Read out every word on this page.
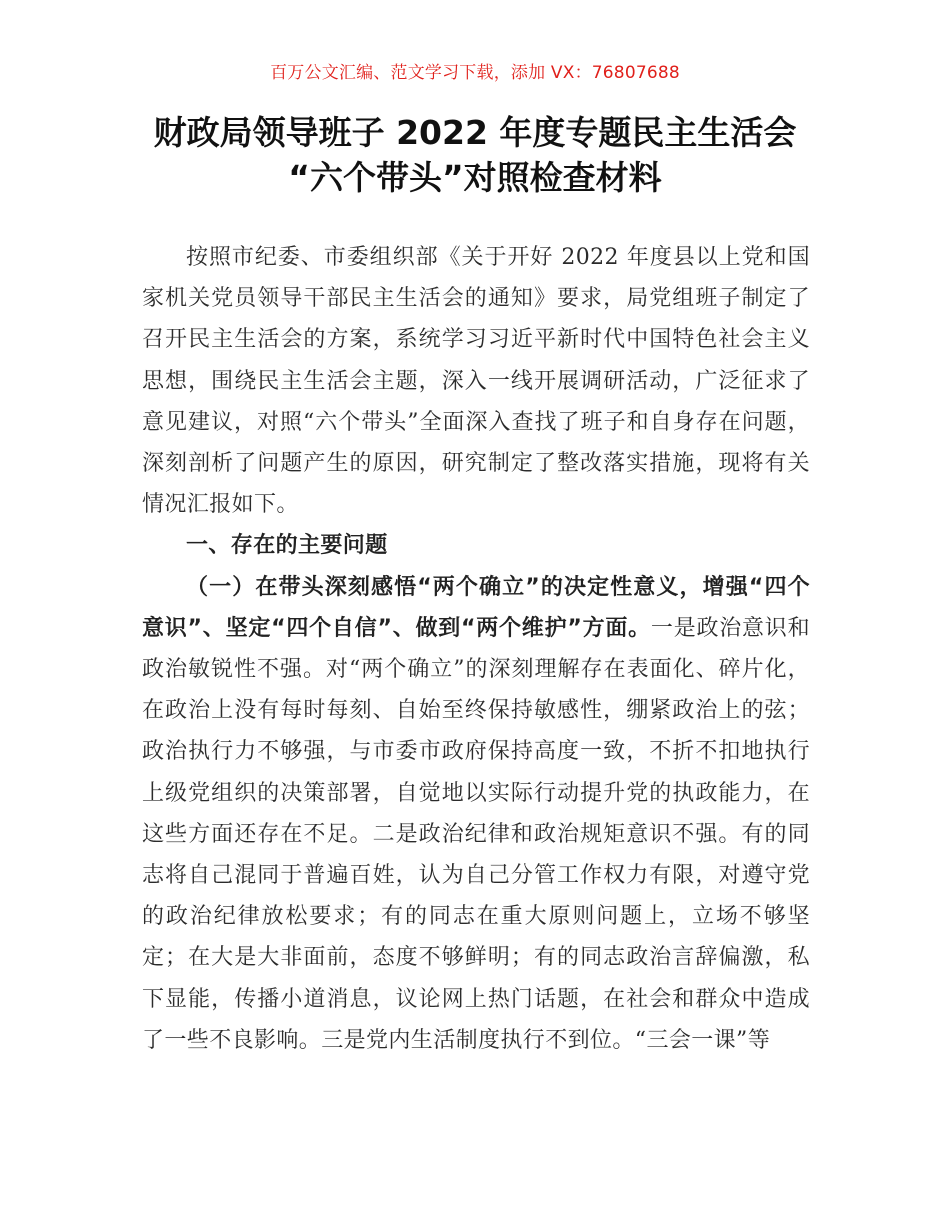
百万公文汇编、范文学习下载，添加 VX：76807688
财政局领导班子 2022 年度专题民主生活会
“六个带头”对照检查材料

按照市纪委、市委组织部《关于开好 2022 年度县以上党和国家机关党员领导干部民主生活会的通知》要求，局党组班子制定了召开民主生活会的方案，系统学习习近平新时代中国特色社会主义思想，围绕民主生活会主题，深入一线开展调研活动，广泛征求了意见建议，对照“六个带头”全面深入查找了班子和自身存在问题，深刻剖析了问题产生的原因，研究制定了整改落实措施，现将有关情况汇报如下。

一、存在的主要问题

（一）在带头深刻感悟“两个确立”的决定性意义，增强“四个意识”、坚定“四个自信”、做到“两个维护”方面。一是政治意识和政治敏锐性不强。对“两个确立”的深刻理解存在表面化、碎片化，在政治上没有每时每刻、自始至终保持敏感性，绷紧政治上的弦；政治执行力不够强，与市委市政府保持高度一致，不折不扣地执行上级党组织的决策部署，自觉地以实际行动提升党的执政能力，在这些方面还存在不足。二是政治纪律和政治规矩意识不强。有的同志将自己混同于普遍百姓，认为自己分管工作权力有限，对遵守党的政治纪律放松要求；有的同志在重大原则问题上，立场不够坚定；在大是大非面前，态度不够鲜明；有的同志政治言辞偏激，私下显能，传播小道消息，议论网上热门话题，在社会和群众中造成了一些不良影响。三是党内生活制度执行不到位。“三会一课”等
